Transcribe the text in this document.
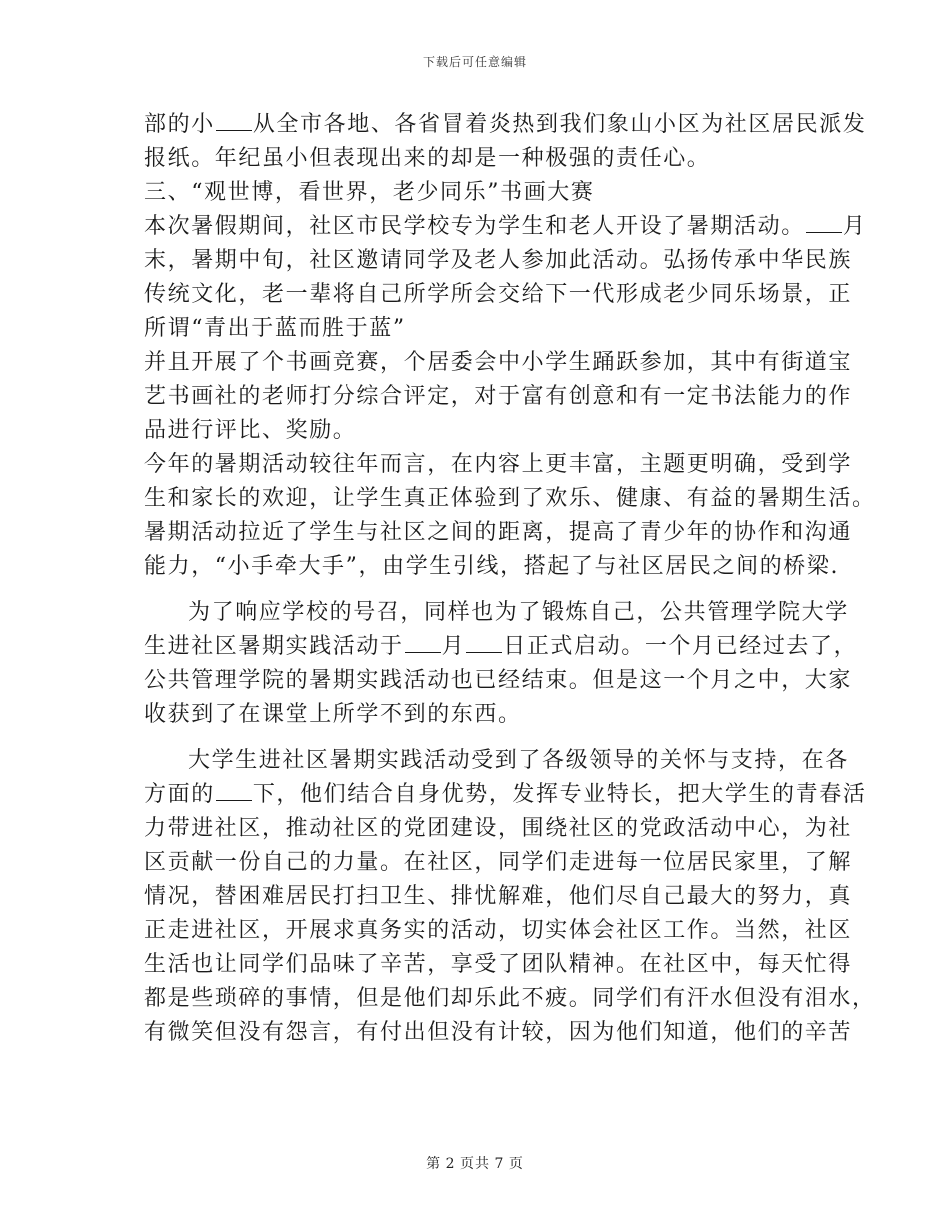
下载后可任意编辑
部的小 从全市各地、各省冒着炎热到我们象山小区为社区居民派发
报纸。年纪虽小但表现出来的却是一种极强的责任心。
三、“观世博，看世界，老少同乐”书画大赛
本次暑假期间，社区市民学校专为学生和老人开设了暑期活动。 月
末，暑期中旬，社区邀请同学及老人参加此活动。弘扬传承中华民族
传统文化，老一辈将自己所学所会交给下一代形成老少同乐场景，正
所谓“青出于蓝而胜于蓝”
并且开展了个书画竞赛，个居委会中小学生踊跃参加，其中有街道宝
艺书画社的老师打分综合评定，对于富有创意和有一定书法能力的作
品进行评比、奖励。
今年的暑期活动较往年而言，在内容上更丰富，主题更明确，受到学
生和家长的欢迎，让学生真正体验到了欢乐、健康、有益的暑期生活。
暑期活动拉近了学生与社区之间的距离，提高了青少年的协作和沟通
能力，“小手牵大手”，由学生引线，搭起了与社区居民之间的桥梁.
为了响应学校的号召，同样也为了锻炼自己，公共管理学院大学
生进社区暑期实践活动于 月 日正式启动。一个月已经过去了，
公共管理学院的暑期实践活动也已经结束。但是这一个月之中，大家
收获到了在课堂上所学不到的东西。
大学生进社区暑期实践活动受到了各级领导的关怀与支持，在各
方面的 下，他们结合自身优势，发挥专业特长，把大学生的青春活
力带进社区，推动社区的党团建设，围绕社区的党政活动中心，为社
区贡献一份自己的力量。在社区，同学们走进每一位居民家里，了解
情况，替困难居民打扫卫生、排忧解难，他们尽自己最大的努力，真
正走进社区，开展求真务实的活动，切实体会社区工作。当然，社区
生活也让同学们品味了辛苦，享受了团队精神。在社区中，每天忙得
都是些琐碎的事情，但是他们却乐此不疲。同学们有汗水但没有泪水，
有微笑但没有怨言，有付出但没有计较，因为他们知道，他们的辛苦
第 2 页共 7 页
